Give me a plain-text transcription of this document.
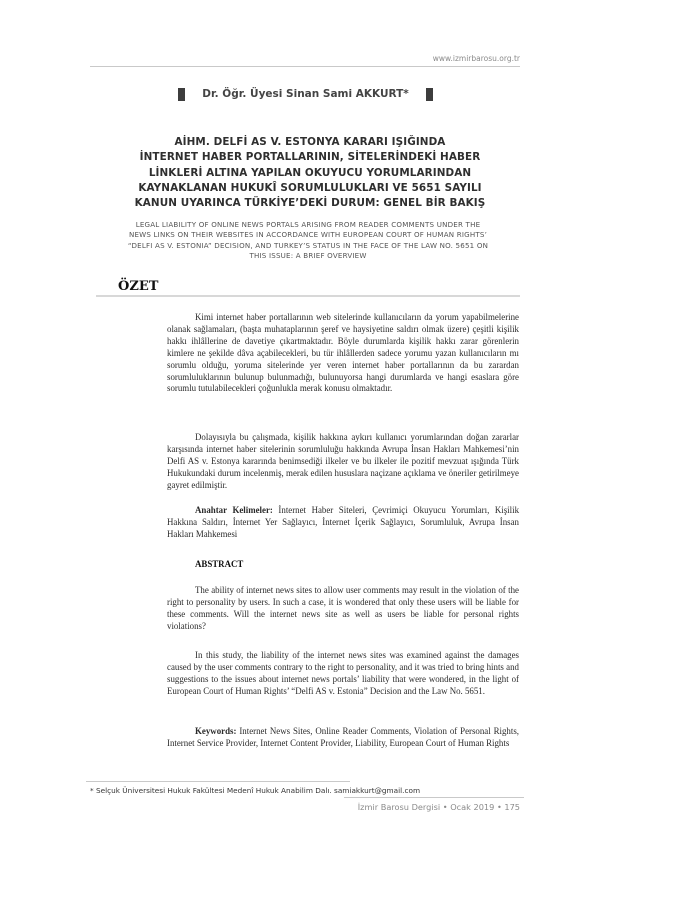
www.izmirbarosu.org.tr
Dr. Öğr. Üyesi Sinan Sami AKKURT*
AİHM. DELFİ AS V. ESTONYA KARARI IŞIĞINDA
İNTERNET HABER PORTALLARININ, SİTELERİNDEKİ HABER
LİNKLERİ ALTINA YAPILAN OKUYUCU YORUMLARINDAN
KAYNAKLANAN HUKUKÎ SORUMLULUKLARI VE 5651 SAYILI
KANUN UYARINCA TÜRKİYE’DEKİ DURUM: GENEL BİR BAKIŞ
LEGAL LIABILITY OF ONLINE NEWS PORTALS ARISING FROM READER COMMENTS UNDER THE
NEWS LINKS ON THEIR WEBSITES IN ACCORDANCE WITH EUROPEAN COURT OF HUMAN RIGHTS’
“DELFI AS V. ESTONIA” DECISION, AND TURKEY’S STATUS IN THE FACE OF THE LAW NO. 5651 ON
THIS ISSUE: A BRIEF OVERVIEW
ÖZET

Kimi internet haber portallarının web sitelerinde kullanıcıların da yorum yapabilmelerine olanak sağlamaları, (başta muhataplarının şeref ve haysiyetine saldırı olmak üzere) çeşitli kişilik hakkı ihlâllerine de davetiye çıkartmaktadır. Böyle durumlarda kişilik hakkı zarar görenlerin kimlere ne şekilde dâva açabilecekleri, bu tür ihlâllerden sadece yorumu yazan kullanıcıların mı sorumlu olduğu, yoruma sitelerinde yer veren internet haber portallarının da bu zarardan sorumluluklarının bulunup bulunmadığı, bulunuyorsa hangi durumlarda ve hangi esaslara göre sorumlu tutulabilecekleri çoğunlukla merak konusu olmaktadır.

Dolayısıyla bu çalışmada, kişilik hakkına aykırı kullanıcı yorumlarından doğan zararlar karşısında internet haber sitelerinin sorumluluğu hakkında Avrupa İnsan Hakları Mahkemesi’nin Delfi AS v. Estonya kararında benimsediği ilkeler ve bu ilkeler ile pozitif mevzuat ışığında Türk Hukukundaki durum incelenmiş, merak edilen hususlara naçizane açıklama ve öneriler getirilmeye gayret edilmiştir.

Anahtar Kelimeler: İnternet Haber Siteleri, Çevrimiçi Okuyucu Yorumları, Kişilik Hakkına Saldırı, İnternet Yer Sağlayıcı, İnternet İçerik Sağlayıcı, Sorumluluk, Avrupa İnsan Hakları Mahkemesi

ABSTRACT

The ability of internet news sites to allow user comments may result in the violation of the right to personality by users. In such a case, it is wondered that only these users will be liable for these comments. Will the internet news site as well as users be liable for personal rights violations?

In this study, the liability of the internet news sites was examined against the damages caused by the user comments contrary to the right to personality, and it was tried to bring hints and suggestions to the issues about internet news portals’ liability that were wondered, in the light of European Court of Human Rights’ “Delfi AS v. Estonia” Decision and the Law No. 5651.

Keywords: Internet News Sites, Online Reader Comments, Violation of Personal Rights, Internet Service Provider, Internet Content Provider, Liability, European Court of Human Rights

* Selçuk Üniversitesi Hukuk Fakültesi Medenî Hukuk Anabilim Dalı. samiakkurt@gmail.com
İzmir Barosu Dergisi • Ocak 2019 • 175
